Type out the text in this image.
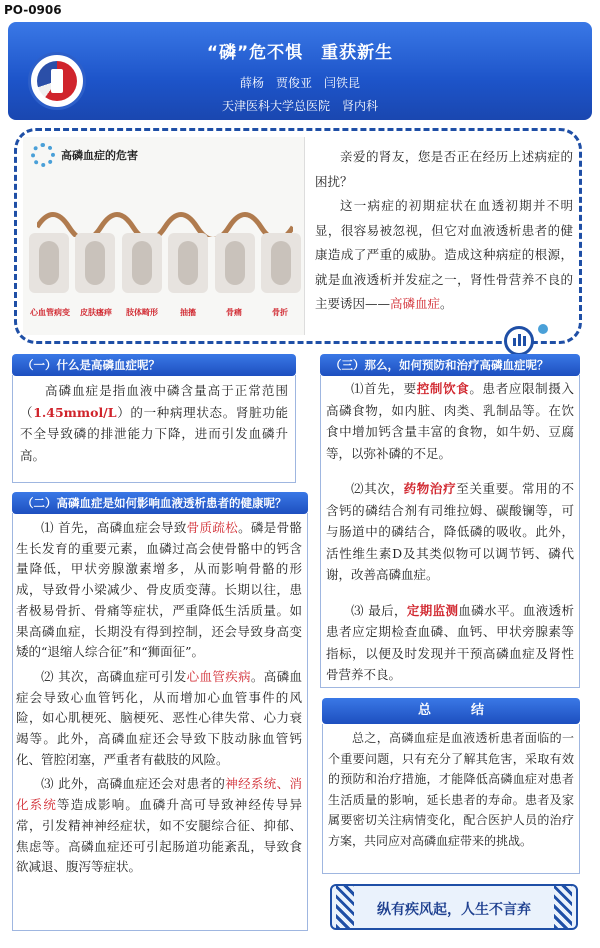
PO-0906
“磷”危不惧　重获新生
薛杨　贾俊亚　闫铁昆
天津医科大学总医院　肾内科
高磷血症的危害
心血管病变	皮肤瘙痒	肢体畸形	抽搐	骨痛	骨折

亲爱的肾友，您是否正在经历上述病症的困扰？

这一病症的初期症状在血透初期并不明显，很容易被忽视，但它对血液透析患者的健康造成了严重的威胁。造成这种病症的根源，就是血液透析并发症之一，肾性骨营养不良的主要诱因——高磷血症。

（一）什么是高磷血症呢？

高磷血症是指血液中磷含量高于正常范围（1.45mmol/L）的一种病理状态。肾脏功能不全导致磷的排泄能力下降，进而引发血磷升高。

（二）高磷血症是如何影响血液透析患者的健康呢？

⑴ 首先，高磷血症会导致骨质疏松。磷是骨骼生长发育的重要元素，血磷过高会使骨骼中的钙含量降低，甲状旁腺激素增多，从而影响骨骼的形成，导致骨小梁减少、骨皮质变薄。长期以往，患者极易骨折、骨痛等症状，严重降低生活质量。如果高磷血症，长期没有得到控制，还会导致身高变矮的“退缩人综合征”和“狮面征”。

⑵ 其次，高磷血症可引发心血管疾病。高磷血症会导致心血管钙化，从而增加心血管事件的风险，如心肌梗死、脑梗死、恶性心律失常、心力衰竭等。此外，高磷血症还会导致下肢动脉血管钙化、管腔闭塞，严重者有截肢的风险。

⑶ 此外，高磷血症还会对患者的神经系统、消化系统等造成影响。血磷升高可导致神经传导异常，引发精神神经症状，如不安腿综合征、抑郁、焦虑等。高磷血症还可引起肠道功能紊乱，导致食欲减退、腹泻等症状。

（三）那么，如何预防和治疗高磷血症呢？

⑴首先，要控制饮食。患者应限制摄入高磷食物，如内脏、肉类、乳制品等。在饮食中增加钙含量丰富的食物，如牛奶、豆腐等，以弥补磷的不足。

⑵其次，药物治疗至关重要。常用的不含钙的磷结合剂有司维拉姆、碳酸镧等，可与肠道中的磷结合，降低磷的吸收。此外，活性维生素D及其类似物可以调节钙、磷代谢，改善高磷血症。

⑶ 最后，定期监测血磷水平。血液透析患者应定期检查血磷、血钙、甲状旁腺素等指标，以便及时发现并干预高磷血症及肾性骨营养不良。

总结

总之，高磷血症是血液透析患者面临的一个重要问题，只有充分了解其危害，采取有效的预防和治疗措施，才能降低高磷血症对患者生活质量的影响，延长患者的寿命。患者及家属要密切关注病情变化，配合医护人员的治疗方案，共同应对高磷血症带来的挑战。

纵有疾风起，人生不言弃
